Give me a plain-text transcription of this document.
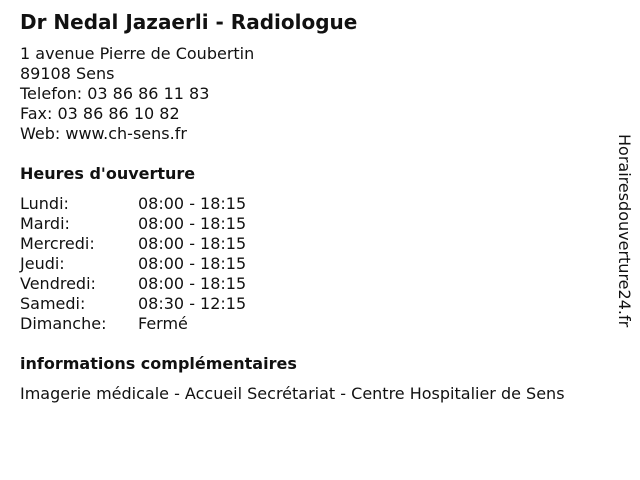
Dr Nedal Jazaerli - Radiologue
1 avenue Pierre de Coubertin
89108 Sens
Telefon: 03 86 86 11 83
Fax: 03 86 86 10 82
Web: www.ch-sens.fr
Heures d'ouverture
Lundi:	08:00 - 18:15
Mardi:	08:00 - 18:15
Mercredi:	08:00 - 18:15
Jeudi:	08:00 - 18:15
Vendredi:	08:00 - 18:15
Samedi:	08:30 - 12:15
Dimanche: Fermé
informations complémentaires
Imagerie médicale - Accueil Secrétariat - Centre Hospitalier de Sens
Horairesdouverture24.fr
